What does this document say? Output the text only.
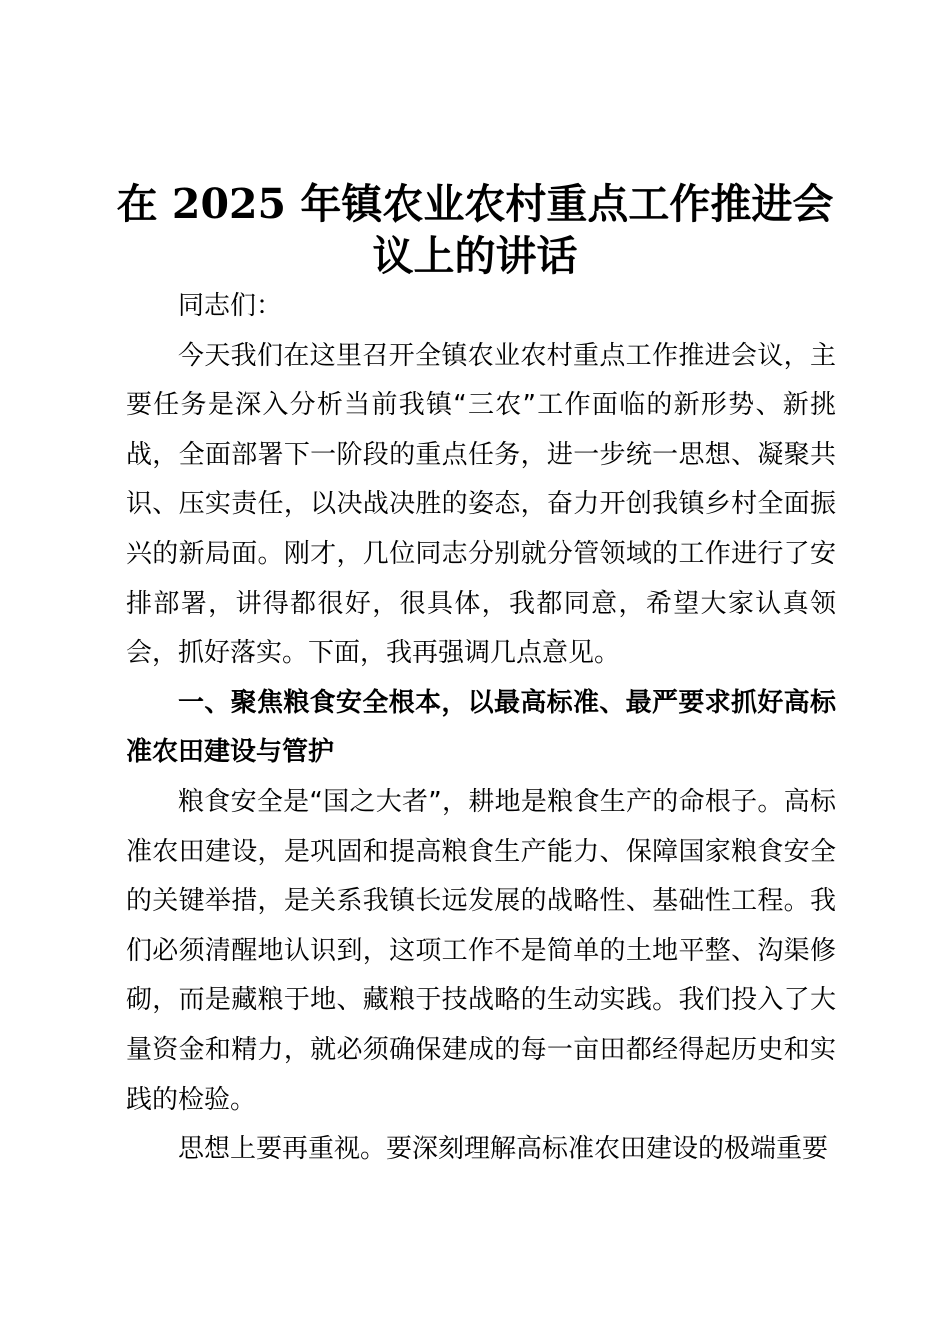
在 2025 年镇农业农村重点工作推进会
议上的讲话

同志们：

今天我们在这里召开全镇农业农村重点工作推进会议，主要任务是深入分析当前我镇“三农”工作面临的新形势、新挑战，全面部署下一阶段的重点任务，进一步统一思想、凝聚共识、压实责任，以决战决胜的姿态，奋力开创我镇乡村全面振兴的新局面。刚才，几位同志分别就分管领域的工作进行了安排部署，讲得都很好，很具体，我都同意，希望大家认真领会，抓好落实。下面，我再强调几点意见。

一、聚焦粮食安全根本，以最高标准、最严要求抓好高标准农田建设与管护

粮食安全是“国之大者”，耕地是粮食生产的命根子。高标准农田建设，是巩固和提高粮食生产能力、保障国家粮食安全的关键举措，是关系我镇长远发展的战略性、基础性工程。我们必须清醒地认识到，这项工作不是简单的土地平整、沟渠修砌，而是藏粮于地、藏粮于技战略的生动实践。我们投入了大量资金和精力，就必须确保建成的每一亩田都经得起历史和实践的检验。

思想上要再重视。要深刻理解高标准农田建设的极端重要
